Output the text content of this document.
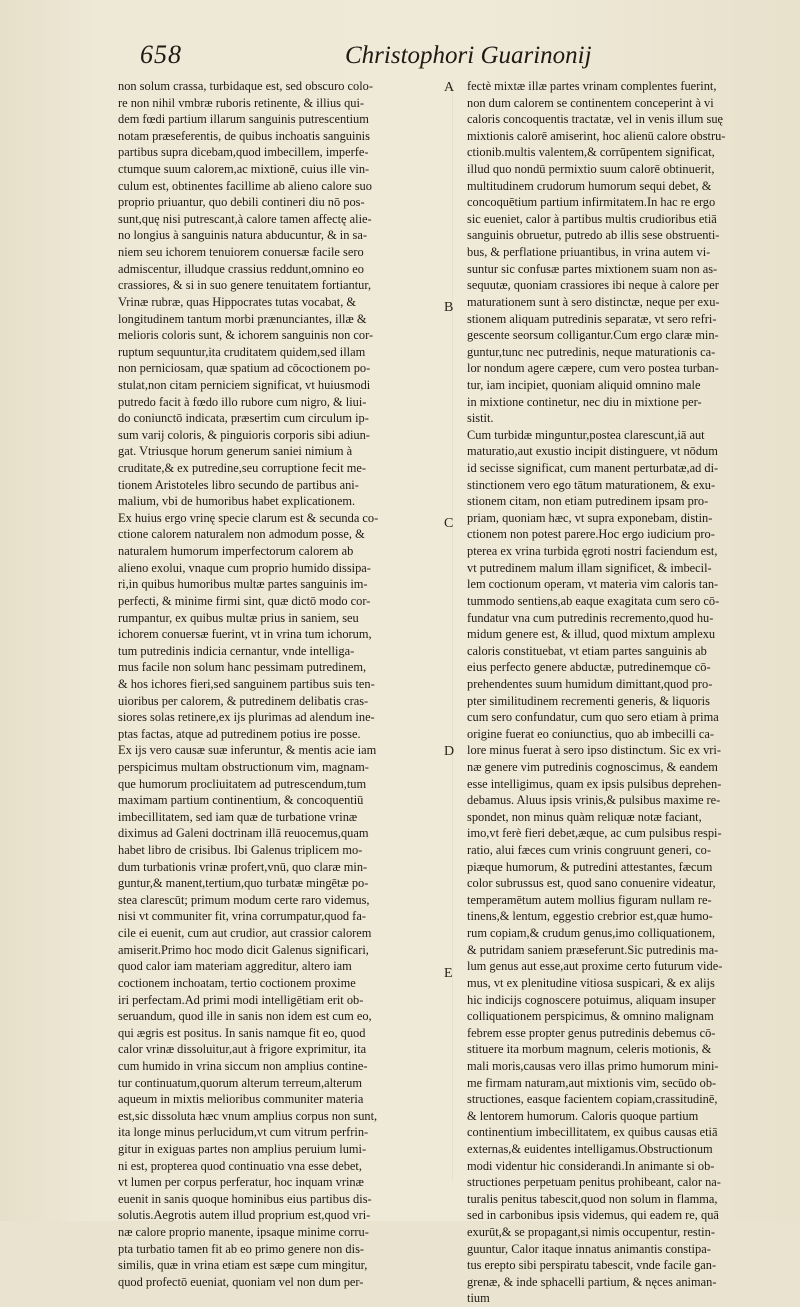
658	Christophori Guarinonij
non solum crassa, turbidaque est, sed obscuro colo-
re non nihil vmbræ ruboris retinente, & illius qui-
dem fœdi partium illarum sanguinis putrescentium
notam præseferentis, de quibus inchoatis sanguinis
partibus supra dicebam,quod imbecillem, imperfe-
ctumque suum calorem,ac mixtionē, cuius ille vin-
culum est, obtinentes facillime ab alieno calore suo
proprio priuantur, quo debili contineri diu nō pos-
sunt,quę nisi putrescant,à calore tamen affectę alie-
no longius à sanguinis natura abducuntur, & in sa-
niem seu ichorem tenuiorem conuersæ facile sero
admiscentur, illudque crassius reddunt,omnino eo
crassiores, & si in suo genere tenuitatem fortiantur,
Vrinæ rubræ, quas Hippocrates tutas vocabat, &
longitudinem tantum morbi prænunciantes, illæ &
melioris coloris sunt, & ichorem sanguinis non cor-
ruptum sequuntur,ita cruditatem quidem,sed illam
non perniciosam, quæ spatium ad cōcoctionem po-
stulat,non citam perniciem significat, vt huiusmodi
putredo facit à fœdo illo rubore cum nigro, & liui-
do coniunctō indicata, præsertim cum circulum ip-
sum varij coloris, & pinguioris corporis sibi adiun-
gat. Vtriusque horum generum saniei nimium à
cruditate,& ex putredine,seu corruptione fecit me-
tionem Aristoteles libro secundo de partibus ani-
malium, vbi de humoribus habet explicationem.
Ex huius ergo vrinę specie clarum est & secunda co-
ctione calorem naturalem non admodum posse, &
naturalem humorum imperfectorum calorem ab
alieno exolui, vnaque cum proprio humido dissipa-
ri,in quibus humoribus multæ partes sanguinis im-
perfecti, & minime firmi sint, quæ dictō modo cor-
rumpantur, ex quibus multæ prius in saniem, seu
ichorem conuersæ fuerint, vt in vrina tum ichorum,
tum putredinis indicia cernantur, vnde intelliga-
mus facile non solum hanc pessimam putredinem,
& hos ichores fieri,sed sanguinem partibus suis ten-
uioribus per calorem, & putredinem delibatis cras-
siores solas retinere,ex ijs plurimas ad alendum ine-
ptas factas, atque ad putredinem potius ire posse.
Ex ijs vero causæ suæ inferuntur, & mentis acie iam
perspicimus multam obstructionum vim, magnam-
que humorum procliuitatem ad putrescendum,tum
maximam partium continentium, & concoquentiū
imbecillitatem, sed iam quæ de turbatione vrinæ
diximus ad Galeni doctrinam illā reuocemus,quam
habet libro de crisibus. Ibi Galenus triplicem mo-
dum turbationis vrinæ profert,vnū, quo claræ min-
guntur,& manent,tertium,quo turbatæ mingētæ po-
stea clarescūt; primum modum certe raro videmus,
nisi vt communiter fit, vrina corrumpatur,quod fa-
cile ei euenit, cum aut crudior, aut crassior calorem
amiserit.Primo hoc modo dicit Galenus significari,
quod calor iam materiam aggreditur, altero iam
coctionem inchoatam, tertio coctionem proxime
iri perfectam.Ad primi modi intelligētiam erit ob-
seruandum, quod ille in sanis non idem est cum eo,
qui ægris est positus. In sanis namque fit eo, quod
calor vrinæ dissoluitur,aut à frigore exprimitur, ita
cum humido in vrina siccum non amplius contine-
tur continuatum,quorum alterum terreum,alterum
aqueum in mixtis melioribus communiter materia
est,sic dissoluta hæc vnum amplius corpus non sunt,
ita longe minus perlucidum,vt cum vitrum perfrin-
gitur in exiguas partes non amplius peruium lumi-
ni est, propterea quod continuatio vna esse debet,
vt lumen per corpus perferatur, hoc inquam vrinæ
euenit in sanis quoque hominibus eius partibus dis-
solutis.Aegrotis autem illud proprium est,quod vri-
næ calore proprio manente, ipsaque minime corru-
pta turbatio tamen fit ab eo primo genere non dis-
similis, quæ in vrina etiam est sæpe cum mingitur,
quod profectō eueniat, quoniam vel non dum per-
fectè mixtæ illæ partes vrinam complentes fuerint,
non dum calorem se continentem conceperint à vi
caloris concoquentis tractatæ, vel in venis illum suę
mixtionis calorē amiserint, hoc alienū calore obstru-
ctionib.multis valentem,& corrūpentem significat,
illud quo nondū permixtio suum calorē obtinuerit,
multitudinem crudorum humorum sequi debet, &
concoquētium partium infirmitatem.In hac re ergo
sic eueniet, calor à partibus multis crudioribus etiā
sanguinis obruetur, putredo ab illis sese obstruenti-
bus, & perflatione priuantibus, in vrina autem vi-
suntur sic confusæ partes mixtionem suam non as-
sequutæ, quoniam crassiores ibi neque à calore per
maturationem sunt à sero distinctæ, neque per exu-
stionem aliquam putredinis separatæ, vt sero refri-
gescente seorsum colligantur.Cum ergo claræ min-
guntur,tunc nec putredinis, neque maturationis ca-
lor nondum agere cæpere, cum vero postea turban-
tur, iam incipiet, quoniam aliquid omnino male
in mixtione continetur, nec diu in mixtione per-
sistit.
Cum turbidæ minguntur,postea clarescunt,iā aut
maturatio,aut exustio incipit distinguere, vt nōdum
id secisse significat, cum manent perturbatæ,ad di-
stinctionem vero ego tātum maturationem, & exu-
stionem citam, non etiam putredinem ipsam pro-
priam, quoniam hæc, vt supra exponebam, distin-
ctionem non potest parere.Hoc ergo iudicium pro-
pterea ex vrina turbida ęgroti nostri faciendum est,
vt putredinem malum illam significet, & imbecil-
lem coctionum operam, vt materia vim caloris tan-
tummodo sentiens,ab eaque exagitata cum sero cō-
fundatur vna cum putredinis recremento,quod hu-
midum genere est, & illud, quod mixtum amplexu
caloris constituebat, vt etiam partes sanguinis ab
eius perfecto genere abductæ, putredinemque cō-
prehendentes suum humidum dimittant,quod pro-
pter similitudinem recrementi generis, & liquoris
cum sero confundatur, cum quo sero etiam à prima
origine fuerat eo coniunctius, quo ab imbecilli ca-
lore minus fuerat à sero ipso distinctum. Sic ex vri-
næ genere vim putredinis cognoscimus, & eandem
esse intelligimus, quam ex ipsis pulsibus deprehen-
debamus. Aluus ipsis vrinis,& pulsibus maxime re-
spondet, non minus quàm reliquæ notæ faciant,
imo,vt ferè fieri debet,æque, ac cum pulsibus respi-
ratio, alui fæces cum vrinis congruunt generi, co-
piæque humorum, & putredini attestantes, fæcum
color subrussus est, quod sano conuenire videatur,
temperamētum autem mollius figuram nullam re-
tinens,& lentum, eggestio crebrior est,quæ humo-
rum copiam,& crudum genus,imo colliquationem,
& putridam saniem præseferunt.Sic putredinis ma-
lum genus aut esse,aut proxime certo futurum vide-
mus, vt ex plenitudine vitiosa suspicari, & ex alijs
hic indicijs cognoscere potuimus, aliquam insuper
colliquationem perspicimus, & omnino malignam
febrem esse propter genus putredinis debemus cō-
stituere ita morbum magnum, celeris motionis, &
mali moris,causas vero illas primo humorum mini-
me firmam naturam,aut mixtionis vim, secūdo ob-
structiones, easque facientem copiam,crassitudinē,
& lentorem humorum. Caloris quoque partium
continentium imbecillitatem, ex quibus causas etiā
externas,& euidentes intelligamus.Obstructionum
modi videntur hic considerandi.In animante si ob-
structiones perpetuam penitus prohibeant, calor na-
turalis penitus tabescit,quod non solum in flamma,
sed in carbonibus ipsis videmus, qui eadem re, quā
exurūt,& se propagant,si nimis occupentur, restin-
guuntur, Calor itaque innatus animantis constipa-
tus erepto sibi perspiratu tabescit, vnde facile gan-
grenæ, & inde sphacelli partium, & nęces animan-
tium
A
B
C
D
E
